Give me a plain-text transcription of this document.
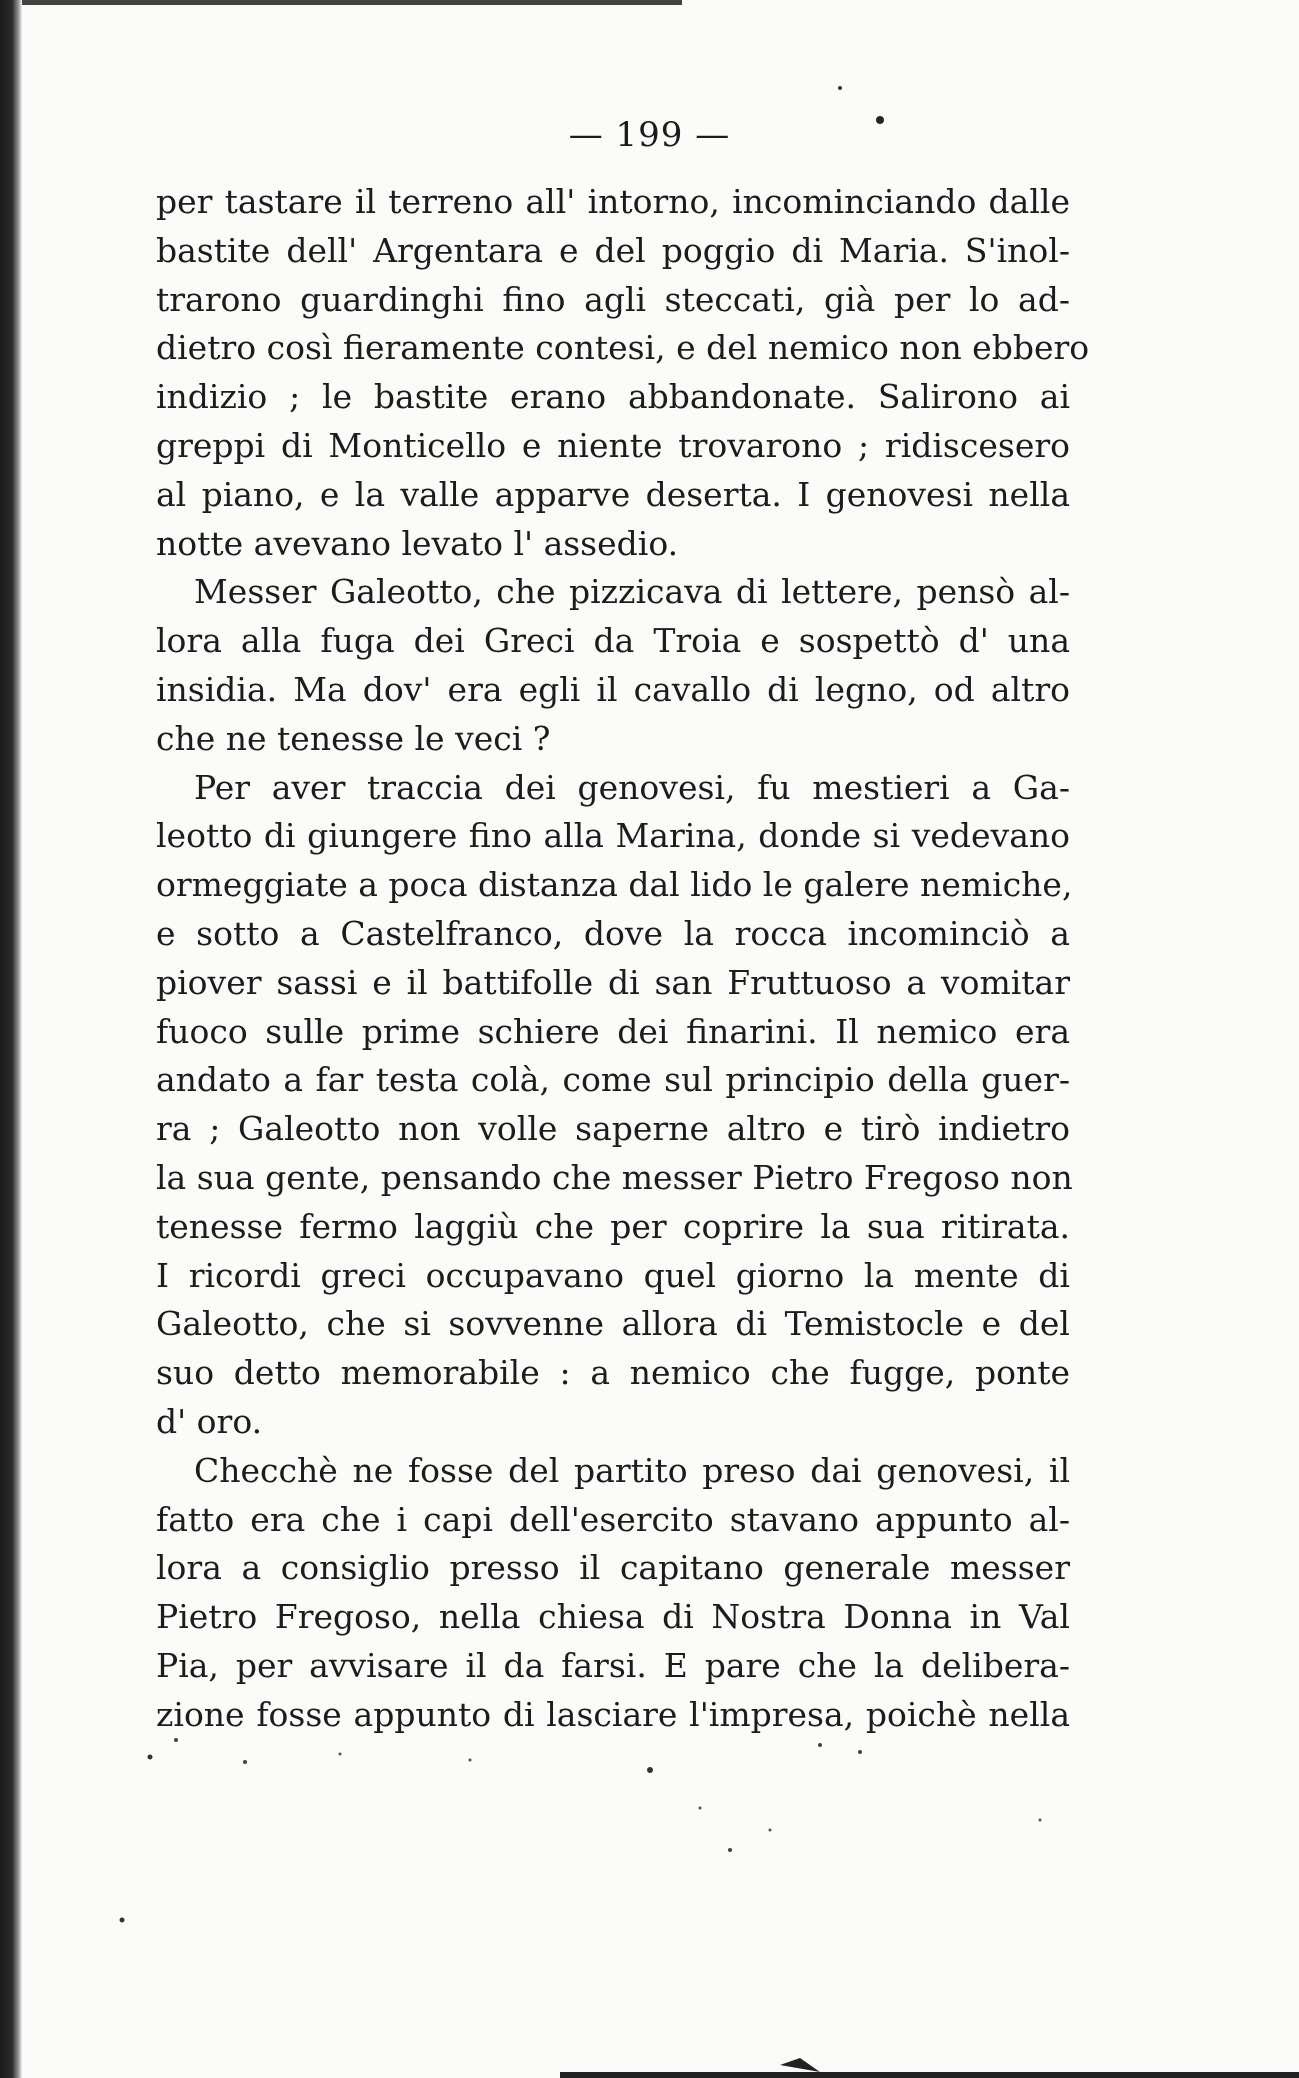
— 199 —
per tastare il terreno all' intorno, incominciando dalle
bastite dell' Argentara e del poggio di Maria. S'inol-
trarono guardinghi fino agli steccati, già per lo ad-
dietro così fieramente contesi, e del nemico non ebbero
indizio ; le bastite erano abbandonate. Salirono ai
greppi di Monticello e niente trovarono ; ridiscesero
al piano, e la valle apparve deserta. I genovesi nella
notte avevano levato l' assedio.
Messer Galeotto, che pizzicava di lettere, pensò al-
lora alla fuga dei Greci da Troia e sospettò d' una
insidia. Ma dov' era egli il cavallo di legno, od altro
che ne tenesse le veci ?
Per aver traccia dei genovesi, fu mestieri a Ga-
leotto di giungere fino alla Marina, donde si vedevano
ormeggiate a poca distanza dal lido le galere nemiche,
e sotto a Castelfranco, dove la rocca incominciò a
piover sassi e il battifolle di san Fruttuoso a vomitar
fuoco sulle prime schiere dei finarini. Il nemico era
andato a far testa colà, come sul principio della guer-
ra ; Galeotto non volle saperne altro e tirò indietro
la sua gente, pensando che messer Pietro Fregoso non
tenesse fermo laggiù che per coprire la sua ritirata.
I ricordi greci occupavano quel giorno la mente di
Galeotto, che si sovvenne allora di Temistocle e del
suo detto memorabile : a nemico che fugge, ponte
d' oro.
Checchè ne fosse del partito preso dai genovesi, il
fatto era che i capi dell'esercito stavano appunto al-
lora a consiglio presso il capitano generale messer
Pietro Fregoso, nella chiesa di Nostra Donna in Val
Pia, per avvisare il da farsi. E pare che la delibera-
zione fosse appunto di lasciare l'impresa, poichè nella
